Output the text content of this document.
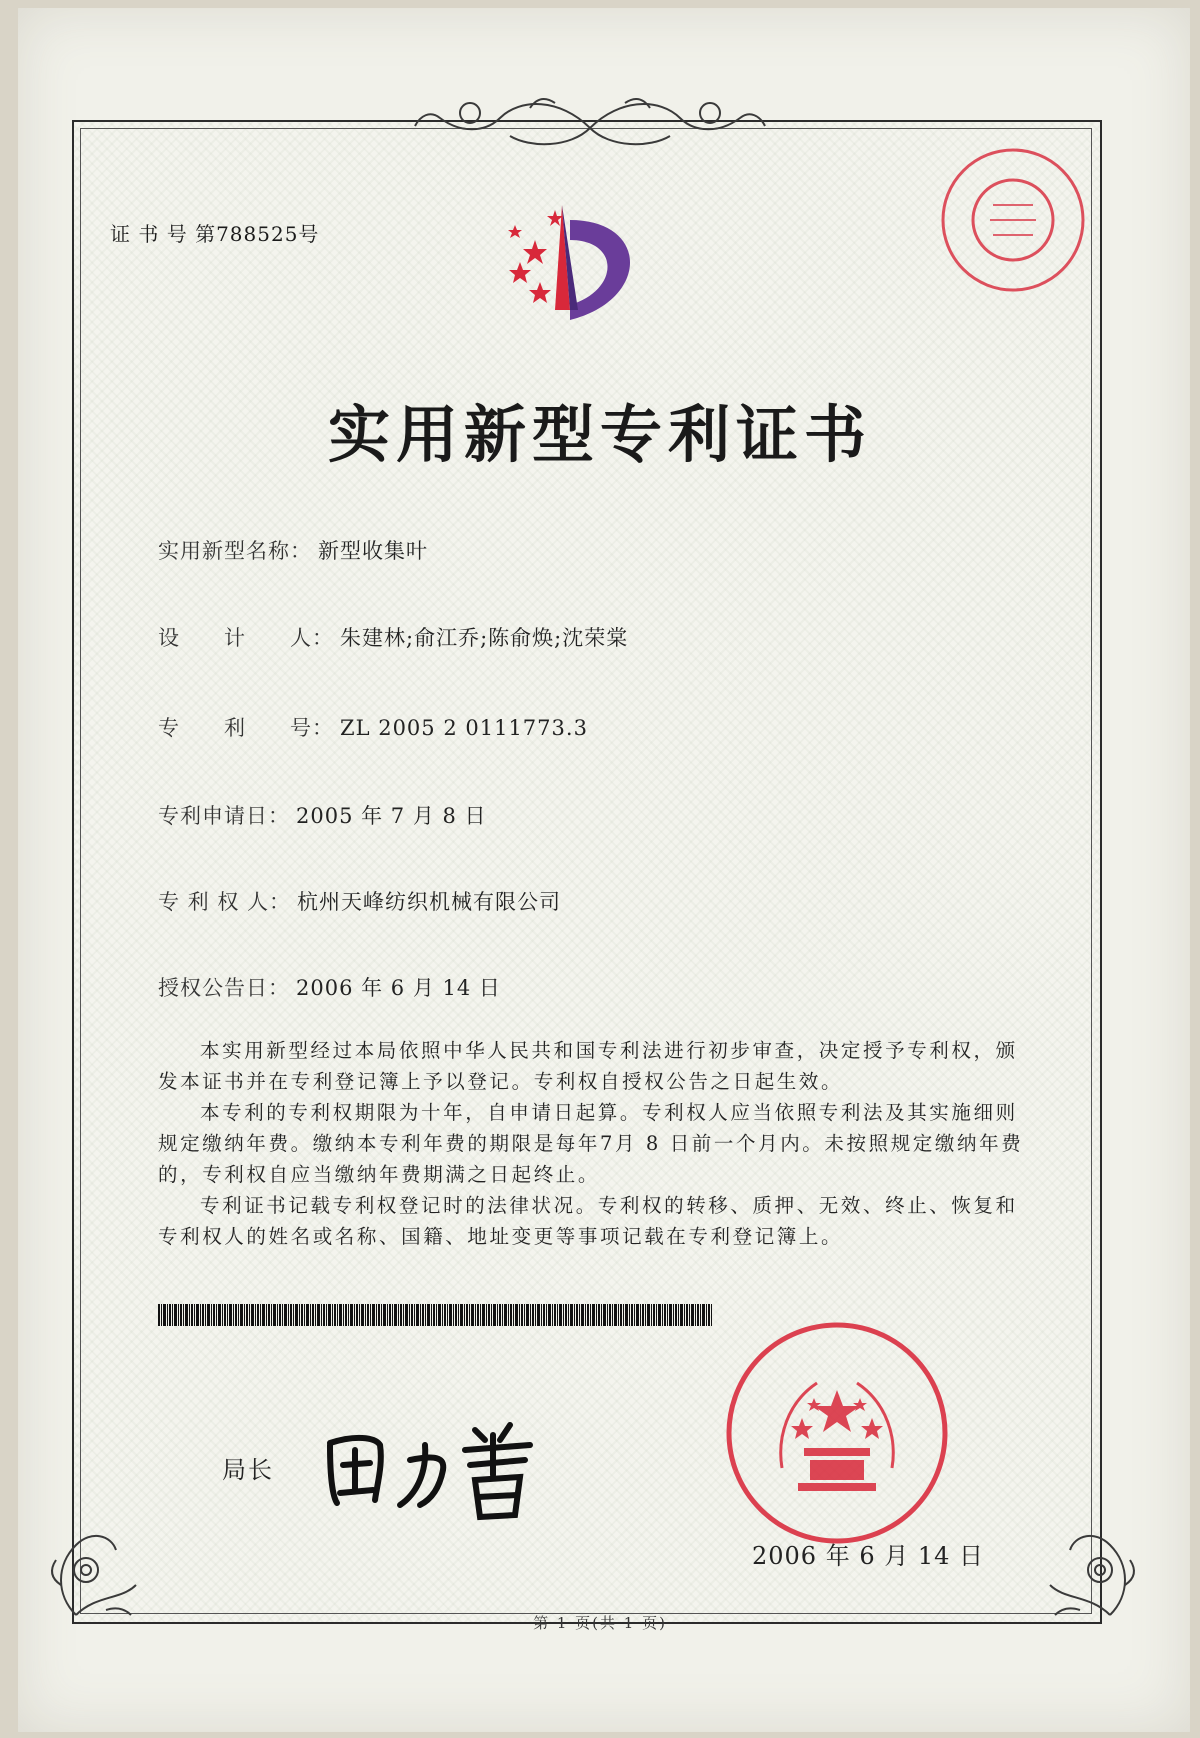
证 书 号 第788525号
实用新型专利证书
实用新型名称： 新型收集叶
设　　计　　人： 朱建林;俞江乔;陈俞焕;沈荣棠
专　　利　　号： ZL 2005 2 0111773.3
专利申请日： 2005 年 7 月 8 日
专 利 权 人： 杭州天峰纺织机械有限公司
授权公告日： 2006 年 6 月 14 日

本实用新型经过本局依照中华人民共和国专利法进行初步审查，决定授予专利权，颁发本证书并在专利登记簿上予以登记。专利权自授权公告之日起生效。

本专利的专利权期限为十年，自申请日起算。专利权人应当依照专利法及其实施细则规定缴纳年费。缴纳本专利年费的期限是每年7月 8 日前一个月内。未按照规定缴纳年费的，专利权自应当缴纳年费期满之日起终止。

专利证书记载专利权登记时的法律状况。专利权的转移、质押、无效、终止、恢复和专利权人的姓名或名称、国籍、地址变更等事项记载在专利登记簿上。

局长
2006 年 6 月 14 日
第 1 页(共 1 页)
